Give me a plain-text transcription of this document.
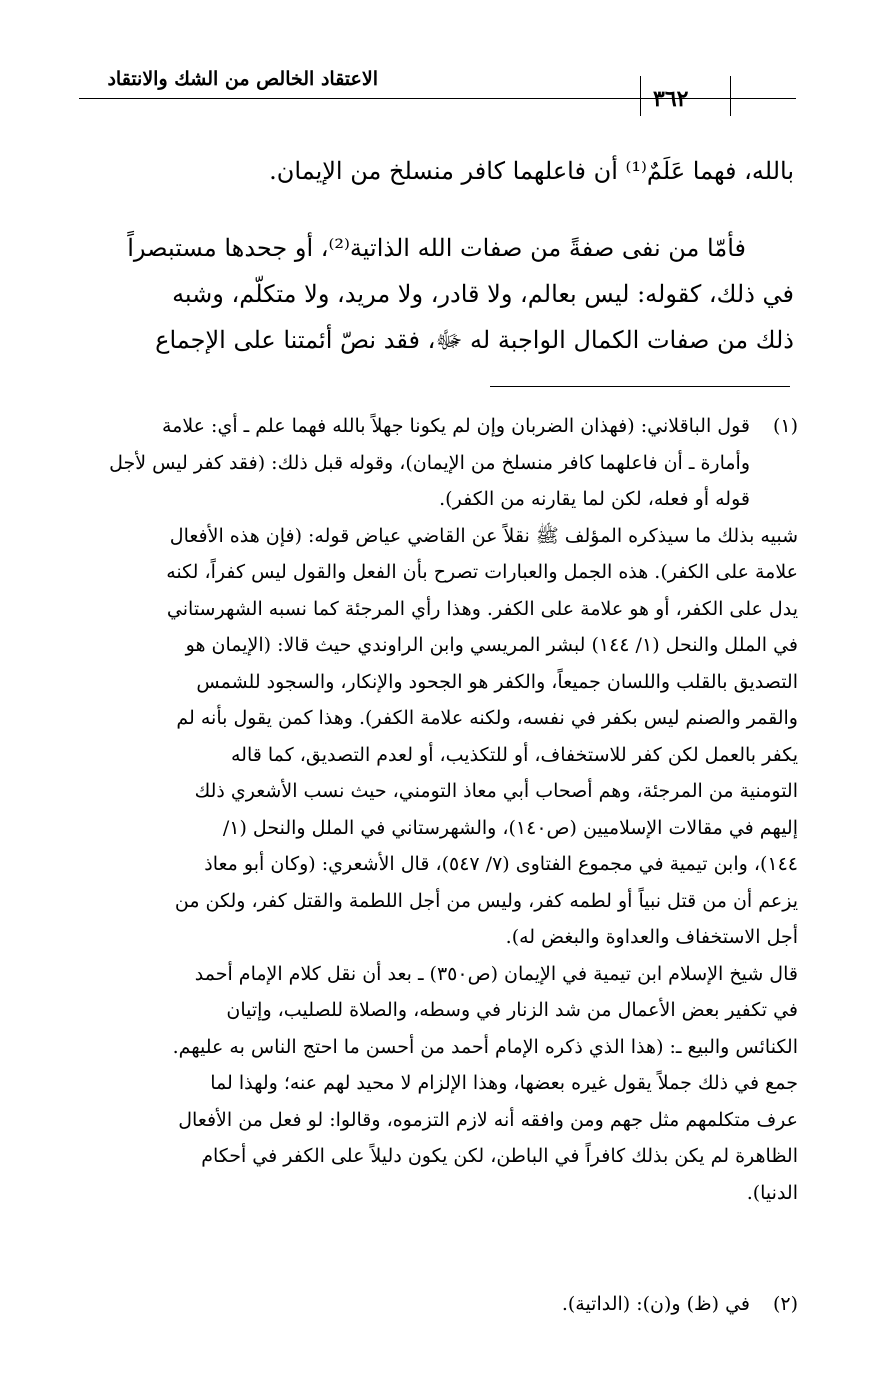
الاعتقاد الخالص من الشك والانتقاد
٣٦٢
بالله، فهما عَلَمٌ⁽¹⁾ أن فاعلهما كافر منسلخ من الإيمان.
فأمّا من نفى صفةً من صفات الله الذاتية⁽²⁾، أو جحدها مستبصراً
في ذلك، كقوله: ليس بعالم، ولا قادر، ولا مريد، ولا متكلّم، وشبه
ذلك من صفات الكمال الواجبة له ﷻ، فقد نصّ أئمتنا على الإجماع
(١)
قول الباقلاني: (فهذان الضربان وإن لم يكونا جهلاً بالله فهما علم ـ أي: علامة
وأمارة ـ أن فاعلهما كافر منسلخ من الإيمان)، وقوله قبل ذلك: (فقد كفر ليس لأجل
قوله أو فعله، لكن لما يقارنه من الكفر).
شبيه بذلك ما سيذكره المؤلف ﷺ نقلاً عن القاضي عياض قوله: (فإن هذه الأفعال
علامة على الكفر). هذه الجمل والعبارات تصرح بأن الفعل والقول ليس كفراً، لكنه
يدل على الكفر، أو هو علامة على الكفر. وهذا رأي المرجئة كما نسبه الشهرستاني
في الملل والنحل (١/ ١٤٤) لبشر المريسي وابن الراوندي حيث قالا: (الإيمان هو
التصديق بالقلب واللسان جميعاً، والكفر هو الجحود والإنكار، والسجود للشمس
والقمر والصنم ليس بكفر في نفسه، ولكنه علامة الكفر). وهذا كمن يقول بأنه لم
يكفر بالعمل لكن كفر للاستخفاف، أو للتكذيب، أو لعدم التصديق، كما قاله
التومنية من المرجئة، وهم أصحاب أبي معاذ التومني، حيث نسب الأشعري ذلك
إليهم في مقالات الإسلاميين (ص١٤٠)، والشهرستاني في الملل والنحل (١/
١٤٤)، وابن تيمية في مجموع الفتاوى (٧/ ٥٤٧)، قال الأشعري: (وكان أبو معاذ
يزعم أن من قتل نبياً أو لطمه كفر، وليس من أجل اللطمة والقتل كفر، ولكن من
أجل الاستخفاف والعداوة والبغض له).
قال شيخ الإسلام ابن تيمية في الإيمان (ص٣٥٠) ـ بعد أن نقل كلام الإمام أحمد
في تكفير بعض الأعمال من شد الزنار في وسطه، والصلاة للصليب، وإتيان
الكنائس والبيع ـ: (هذا الذي ذكره الإمام أحمد من أحسن ما احتج الناس به عليهم.
جمع في ذلك جملاً يقول غيره بعضها، وهذا الإلزام لا محيد لهم عنه؛ ولهذا لما
عرف متكلمهم مثل جهم ومن وافقه أنه لازم التزموه، وقالوا: لو فعل من الأفعال
الظاهرة لم يكن بذلك كافراً في الباطن، لكن يكون دليلاً على الكفر في أحكام
الدنيا).
(٢)
في (ظ) و(ن): (الداتية).
